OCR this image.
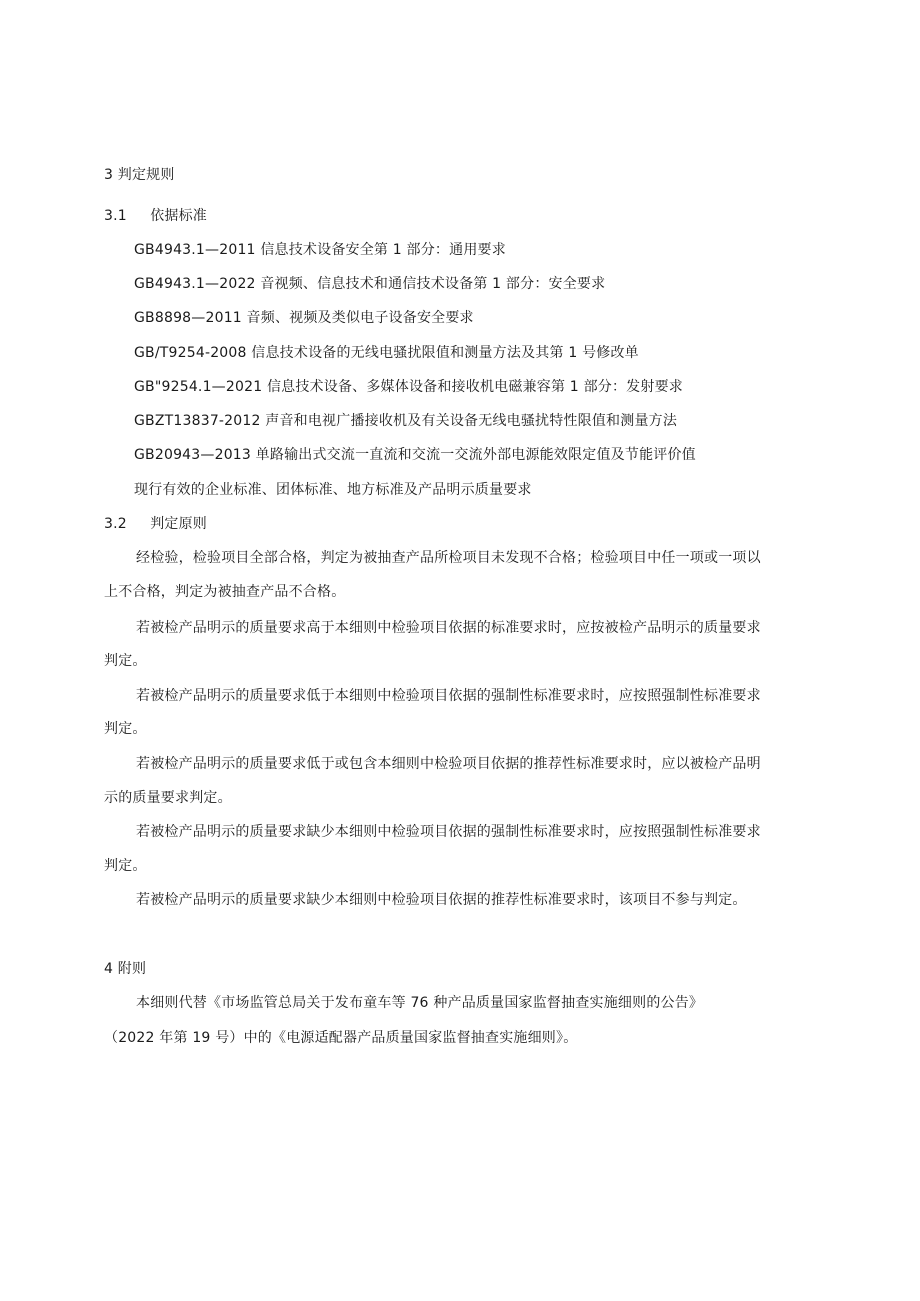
3 判定规则
3.1 依据标准
GB4943.1—2011 信息技术设备安全第 1 部分：通用要求
GB4943.1—2022 音视频、信息技术和通信技术设备第 1 部分：安全要求
GB8898—2011 音频、视频及类似电子设备安全要求
GB/T9254-2008 信息技术设备的无线电骚扰限值和测量方法及其第 1 号修改单
GB"9254.1—2021 信息技术设备、多媒体设备和接收机电磁兼容第 1 部分：发射要求
GBZT13837-2012 声音和电视广播接收机及有关设备无线电骚扰特性限值和测量方法
GB20943—2013 单路输出式交流一直流和交流一交流外部电源能效限定值及节能评价值
现行有效的企业标准、团体标准、地方标准及产品明示质量要求
3.2 判定原则
经检验，检验项目全部合格，判定为被抽查产品所检项目未发现不合格；检验项目中任一项或一项以
上不合格，判定为被抽查产品不合格。
若被检产品明示的质量要求高于本细则中检验项目依据的标准要求时，应按被检产品明示的质量要求
判定。
若被检产品明示的质量要求低于本细则中检验项目依据的强制性标准要求时，应按照强制性标准要求
判定。
若被检产品明示的质量要求低于或包含本细则中检验项目依据的推荐性标准要求时，应以被检产品明
示的质量要求判定。
若被检产品明示的质量要求缺少本细则中检验项目依据的强制性标准要求时，应按照强制性标准要求
判定。
若被检产品明示的质量要求缺少本细则中检验项目依据的推荐性标准要求时，该项目不参与判定。
4 附则
本细则代替《市场监管总局关于发布童车等 76 种产品质量国家监督抽查实施细则的公告》
（2022 年第 19 号）中的《电源适配器产品质量国家监督抽查实施细则》。
